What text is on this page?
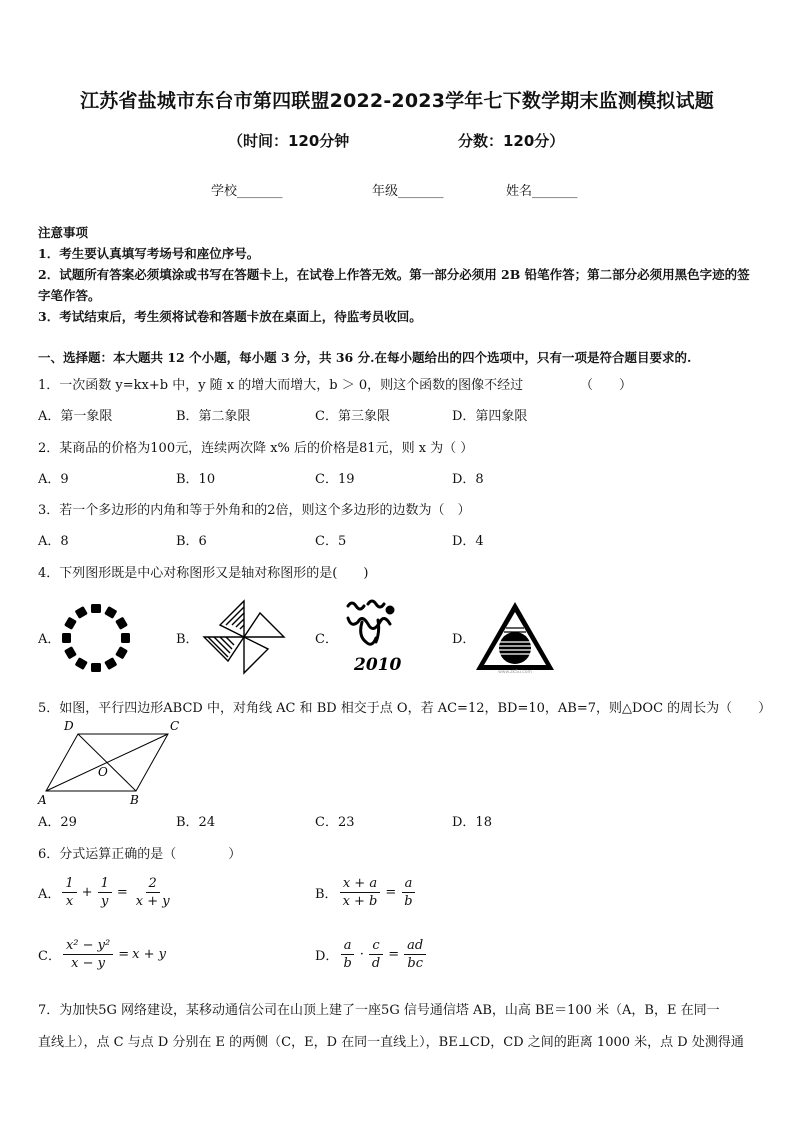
江苏省盐城市东台市第四联盟2022-2023学年七下数学期末监测模拟试题
（时间：120分钟	分数：120分）
学校_______	年级_______	姓名_______
注意事项
1．考生要认真填写考场号和座位序号。
2．试题所有答案必须填涂或书写在答题卡上，在试卷上作答无效。第一部分必须用 2B 铅笔作答；第二部分必须用黑色字迹的签字笔作答。
3．考试结束后，考生须将试卷和答题卡放在桌面上，待监考员收回。
一、选择题：本大题共 12 个小题，每小题 3 分，共 36 分.在每小题给出的四个选项中，只有一项是符合题目要求的.
1．一次函数 y=kx+b 中，y 随 x 的增大而增大，b ＞ 0，则这个函数的图像不经过	（　　）
A．第一象限	B．第二象限	C．第三象限	D．第四象限
2．某商品的价格为100元，连续两次降 x% 后的价格是81元，则 x 为（ ）
A．9	B．10	C．19	D．8
3．若一个多边形的内角和等于外角和的2倍，则这个多边形的边数为（　）
A．8	B．6	C．5	D．4
4．下列图形既是中心对称图形又是轴对称图形的是(　　)
A．	B．	C．	D．
2010	www.zk5u.com
5．如图，平行四边形ABCD 中，对角线 AC 和 BD 相交于点 O，若 AC=12，BD=10，AB=7，则△DOC 的周长为（　　）
D	C
A	B
O
A．29	B．24	C．23	D．18
6．分式运算正确的是（　　　　）
A． $\frac{1}{x} + \frac{1}{y} = \frac{2}{x + y}$	B． $\frac{x + a}{x + b} = \frac{a}{b}$
C． $\frac{\text{x² − y²}}{x - y} = x + y$	D． $\frac{a}{b} \cdot \frac{c}{d} = \frac{ad}{bc}$
7．为加快5G 网络建设，某移动通信公司在山顶上建了一座5G 信号通信塔 AB，山高 BE＝100 米（A，B，E 在同一
直线上），点 C 与点 D 分别在 E 的两侧（C，E，D 在同一直线上），BE⊥CD，CD 之间的距离 1000 米，点 D 处测得通
